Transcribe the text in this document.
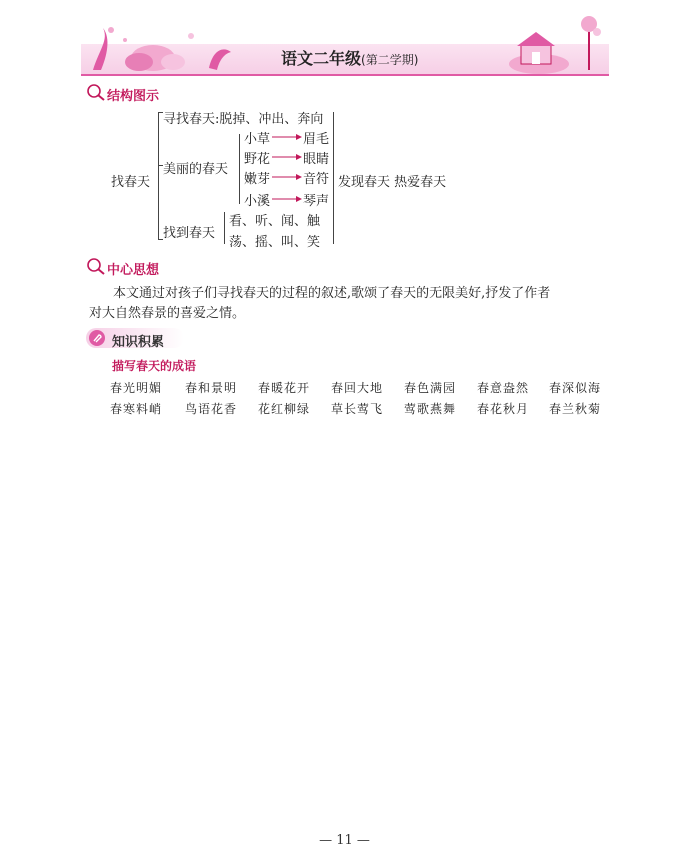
语文二年级(第二学期)
结构图示
找春天
寻找春天:脱掉、冲出、奔向
美丽的春天
小草
野花
嫩芽
小溪
眉毛
眼睛
音符
琴声
发现春天 热爱春天
找到春天
看、听、闻、触
荡、摇、叫、笑
中心思想
本文通过对孩子们寻找春天的过程的叙述,歌颂了春天的无限美好,抒发了作者
对大自然春景的喜爱之情。
知识积累
描写春天的成语
春光明媚 春和景明 春暖花开 春回大地 春色满园 春意盎然 春深似海
春寒料峭 鸟语花香 花红柳绿 草长莺飞 莺歌燕舞 春花秋月 春兰秋菊
— 11 —
